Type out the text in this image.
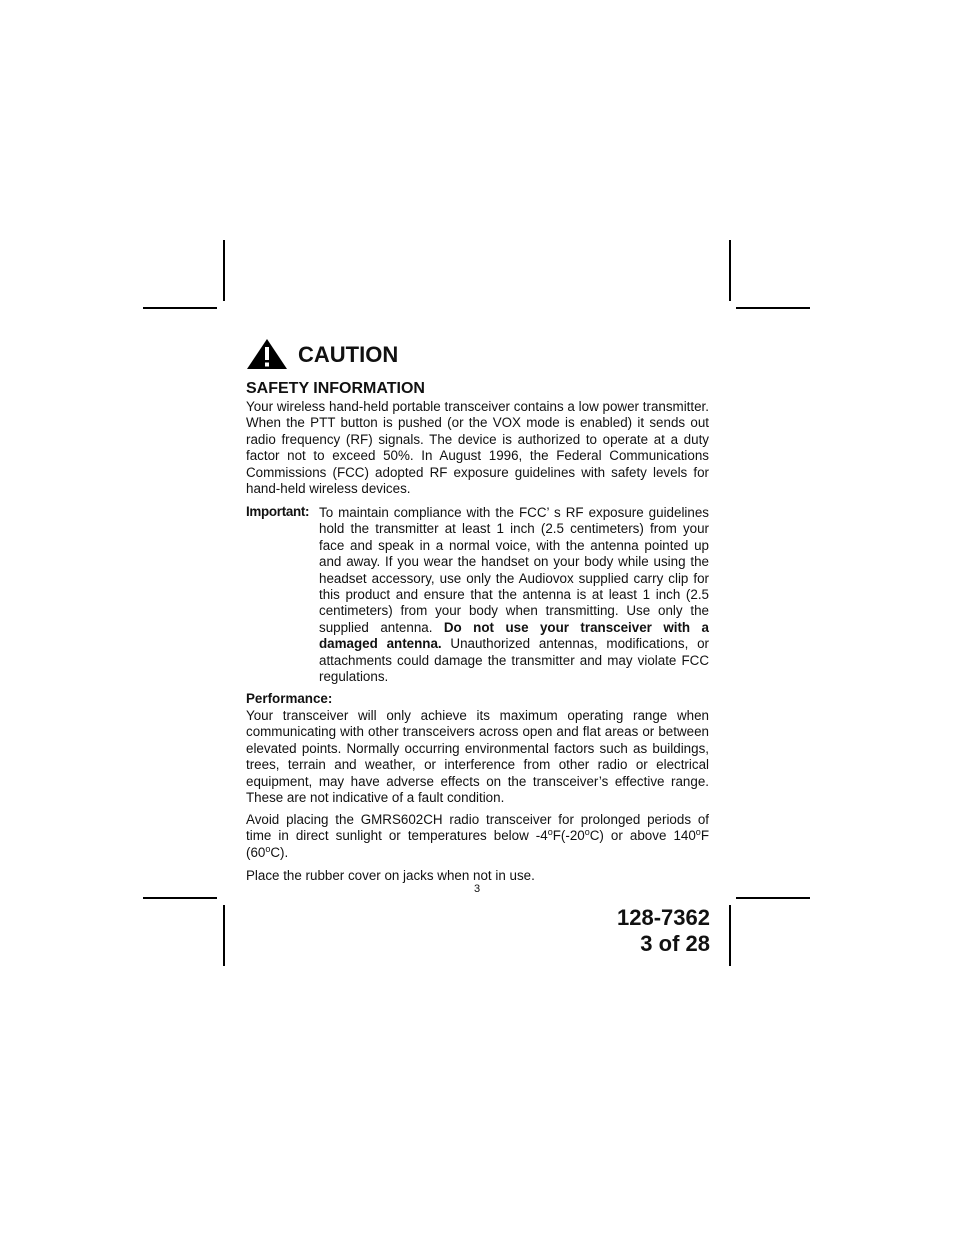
CAUTION
SAFETY INFORMATION

Your wireless hand-held portable transceiver contains a low power transmitter. When the PTT button is pushed (or the VOX mode is enabled) it sends out radio frequency (RF) signals. The device is authorized to operate at a duty factor not to exceed 50%. In August 1996, the Federal Communications Commissions (FCC) adopted RF exposure guidelines with safety levels for hand-held wireless devices.

Important: To maintain compliance with the FCC’ s RF exposure guidelines hold the transmitter at least 1 inch (2.5 centimeters) from your face and speak in a normal voice, with the antenna pointed up and away. If you wear the handset on your body while using the headset accessory, use only the Audiovox supplied carry clip for this product and ensure that the antenna is at least 1 inch (2.5 centimeters) from your body when transmitting. Use only the supplied antenna. Do not use your transceiver with a damaged antenna. Unauthorized antennas, modifications, or attachments could damage the transmitter and may violate FCC regulations.

Performance:

Your transceiver will only achieve its maximum operating range when communicating with other transceivers across open and flat areas or between elevated points. Normally occurring environmental factors such as buildings, trees, terrain and weather, or interference from other radio or electrical equipment, may have adverse effects on the transceiver’s effective range. These are not indicative of a fault condition.

Avoid placing the GMRS602CH radio transceiver for prolonged periods of time in direct sunlight or temperatures below -4$^o$F(-20$^o$C) or above 140$^o$F (60$^o$C).

Place the rubber cover on jacks when not in use.
3
128-7362
3 of 28
